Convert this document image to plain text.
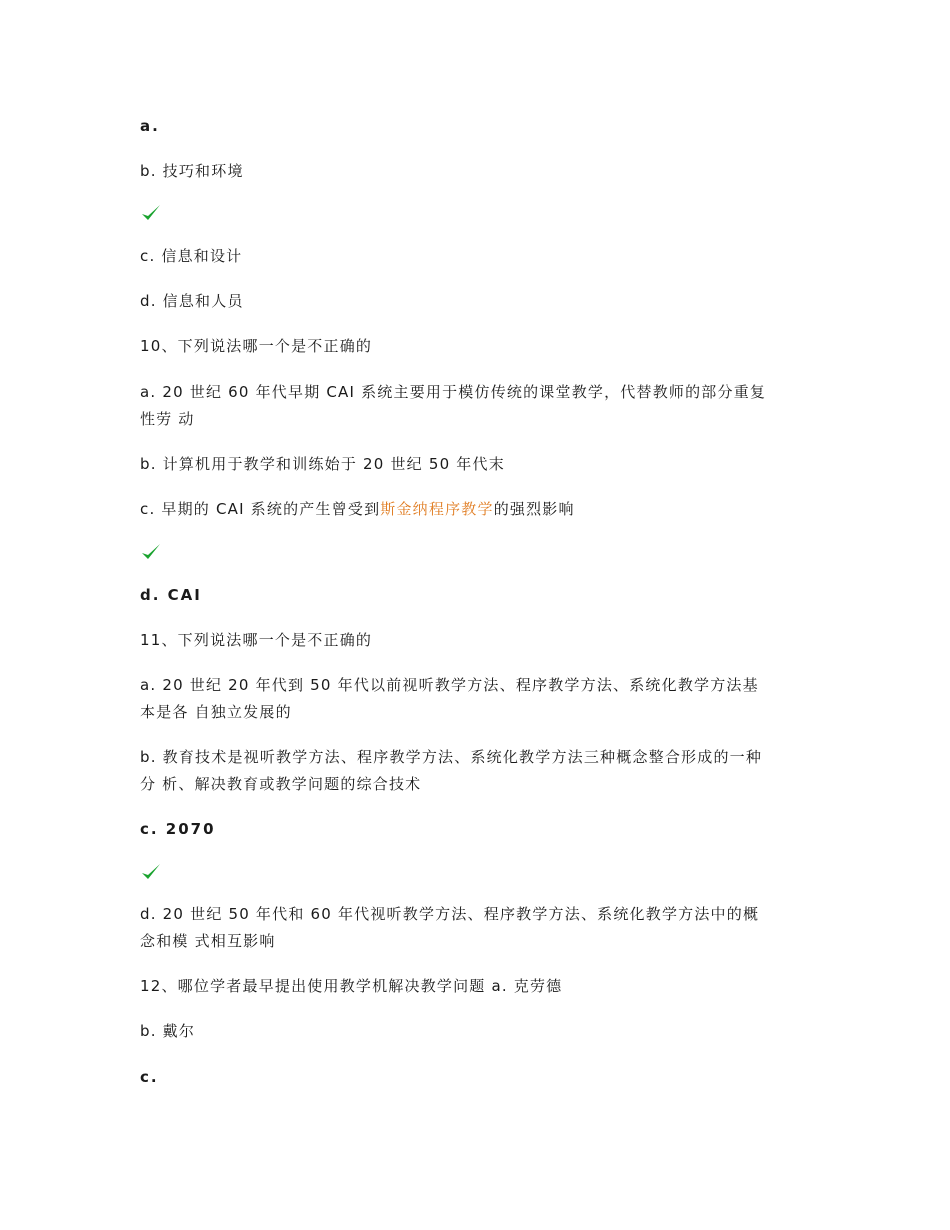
a.
b. 技巧和环境
c. 信息和设计
d. 信息和人员
10、下列说法哪一个是不正确的
a. 20 世纪 60 年代早期 CAI 系统主要用于模仿传统的课堂教学，代替教师的部分重复
性劳 动
b. 计算机用于教学和训练始于 20 世纪 50 年代末
c. 早期的 CAI 系统的产生曾受到斯金纳程序教学的强烈影响
d. CAI
11、下列说法哪一个是不正确的
a. 20 世纪 20 年代到 50 年代以前视听教学方法、程序教学方法、系统化教学方法基
本是各 自独立发展的
b. 教育技术是视听教学方法、程序教学方法、系统化教学方法三种概念整合形成的一种
分 析、解决教育或教学问题的综合技术
c. 2070
d. 20 世纪 50 年代和 60 年代视听教学方法、程序教学方法、系统化教学方法中的概
念和模 式相互影响
12、哪位学者最早提出使用教学机解决教学问题 a. 克劳德
b. 戴尔
c.
